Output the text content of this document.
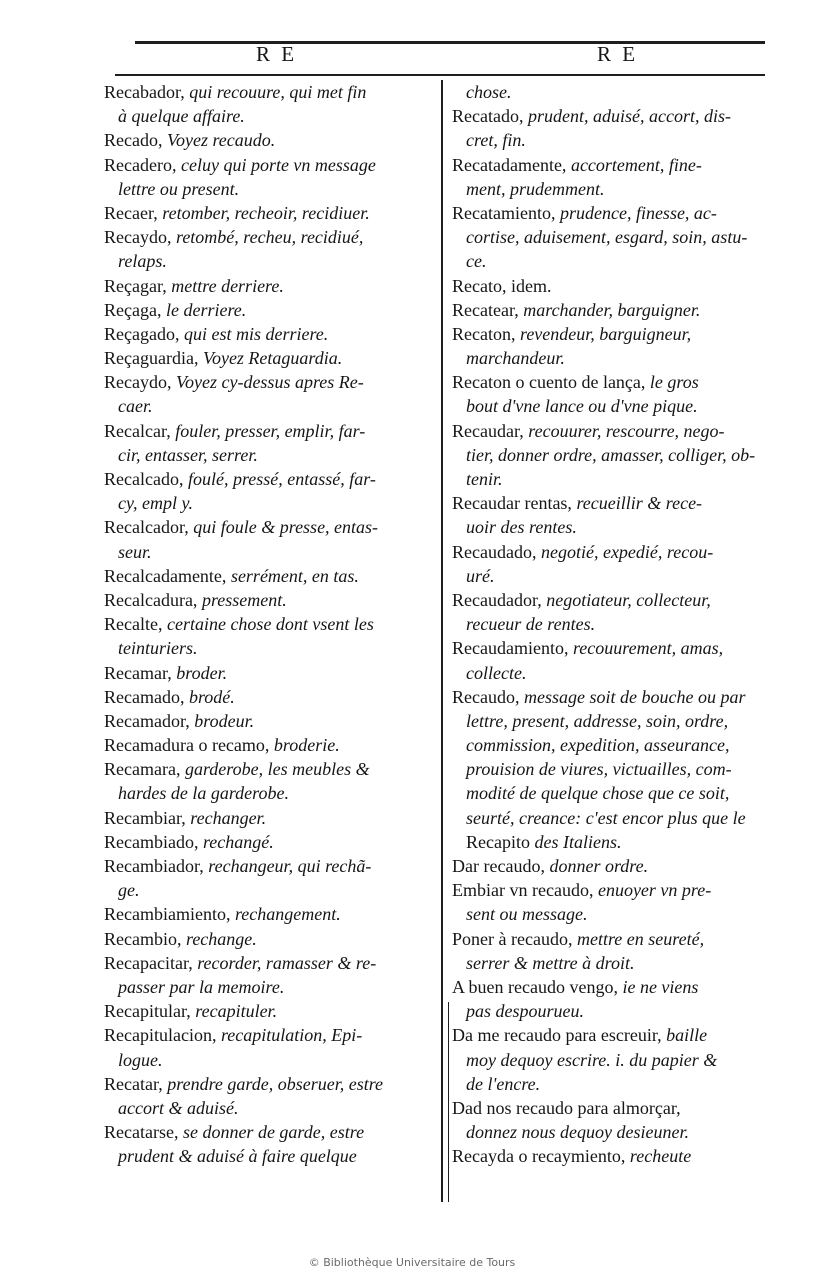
R E	R E
Recabador, qui recouure, qui met fin
à quelque affaire.
Recado, Voyez recaudo.
Recadero, celuy qui porte vn message
lettre ou present.
Recaer, retomber, recheoir, recidiuer.
Recaydo, retombé, recheu, recidiué,
relaps.
Reçagar, mettre derriere.
Reçaga, le derriere.
Reçagado, qui est mis derriere.
Reçaguardia, Voyez Retaguardia.
Recaydo, Voyez cy-dessus apres Re-
caer.
Recalcar, fouler, presser, emplir, far-
cir, entasser, serrer.
Recalcado, foulé, pressé, entassé, far-
cy, empl y.
Recalcador, qui foule & presse, entas-
seur.
Recalcadamente, serrément, en tas.
Recalcadura, pressement.
Recalte, certaine chose dont vsent les
teinturiers.
Recamar, broder.
Recamado, brodé.
Recamador, brodeur.
Recamadura o recamo, broderie.
Recamara, garderobe, les meubles &
hardes de la garderobe.
Recambiar, rechanger.
Recambiado, rechangé.
Recambiador, rechangeur, qui rechã-
ge.
Recambiamiento, rechangement.
Recambio, rechange.
Recapacitar, recorder, ramasser & re-
passer par la memoire.
Recapitular, recapituler.
Recapitulacion, recapitulation, Epi-
logue.
Recatar, prendre garde, obseruer, estre
accort & aduisé.
Recatarse, se donner de garde, estre
prudent & aduisé à faire quelque
chose.
Recatado, prudent, aduisé, accort, dis-
cret, fin.
Recatadamente, accortement, fine-
ment, prudemment.
Recatamiento, prudence, finesse, ac-
cortise, aduisement, esgard, soin, astu-
ce.
Recato, idem.
Recatear, marchander, barguigner.
Recaton, revendeur, barguigneur,
marchandeur.
Recaton o cuento de lança, le gros
bout d'vne lance ou d'vne pique.
Recaudar, recouurer, rescourre, nego-
tier, donner ordre, amasser, colliger, ob-
tenir.
Recaudar rentas, recueillir & rece-
uoir des rentes.
Recaudado, negotié, expedié, recou-
uré.
Recaudador, negotiateur, collecteur,
recueur de rentes.
Recaudamiento, recouurement, amas,
collecte.
Recaudo, message soit de bouche ou par
lettre, present, addresse, soin, ordre,
commission, expedition, asseurance,
prouision de viures, victuailles, com-
modité de quelque chose que ce soit,
seurté, creance: c'est encor plus que le
Recapito des Italiens.
Dar recaudo, donner ordre.
Embiar vn recaudo, enuoyer vn pre-
sent ou message.
Poner à recaudo, mettre en seureté,
serrer & mettre à droit.
A buen recaudo vengo, ie ne viens
pas despourueu.
Da me recaudo para escreuir, baille
moy dequoy escrire. i. du papier &
de l'encre.
Dad nos recaudo para almorçar,
donnez nous dequoy desieuner.
Recayda o recaymiento, recheute
© Bibliothèque Universitaire de Tours
